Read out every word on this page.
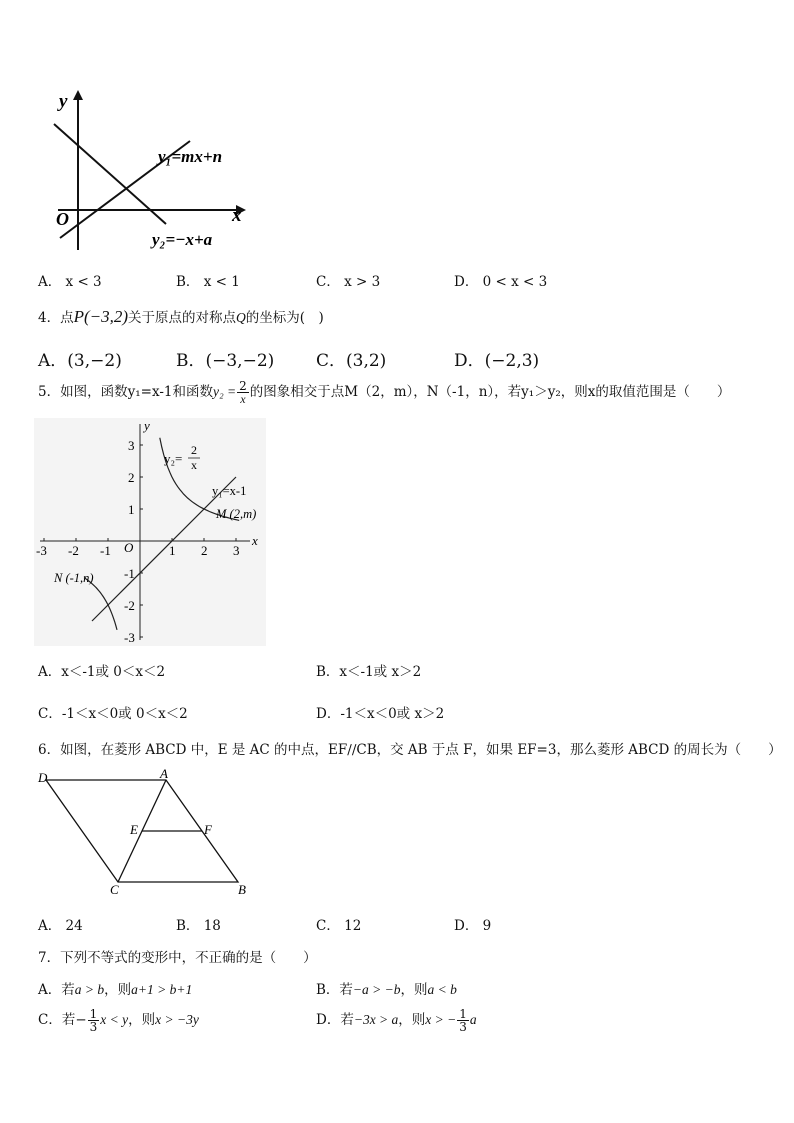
y
x
O
y₁=mx+n
y₂=−x+a
A． x < 3	B． x < 1	C． x > 3	D． 0 < x < 3
4．点P(−3,2)关于原点的对称点Q的坐标为(　)
A．(3,−2)	B．(−3,−2) C．(3,2)	D．(−2,3)
5．如图，函数y₁=x-1和函数$y_2 = \frac{2}{x}$ 的图象相交于点M（2，m），N（-1，n），若y₁＞y₂，则x的取值范围是（　　）
-3 -2 -1	1 2 3
3
2
1
-1
-2
-3
x
y
O
y₂=
2
x
y₁=x-1
M (2,m)
N (-1,n)
A．x＜-1或 0＜x＜2	B．x＜-1或 x＞2
C．-1＜x＜0或 0＜x＜2	D．-1＜x＜0或 x＞2
6．如图，在菱形 ABCD 中，E 是 AC 的中点，EF∕∕CB，交 AB 于点 F，如果 EF=3，那么菱形 ABCD 的周长为（　　）
D	A
E	F
C	B
A． 24	B． 18	C． 12	D． 9
7．下列不等式的变形中，不正确的是（　　）
A．若a > b，则a+1 > b+1	B．若−a > −b，则a < b
C．若− $\frac{1}{3}$ x < y，则x > −3y	D．若−3x > a，则x > − $\frac{1}{3}$ a
